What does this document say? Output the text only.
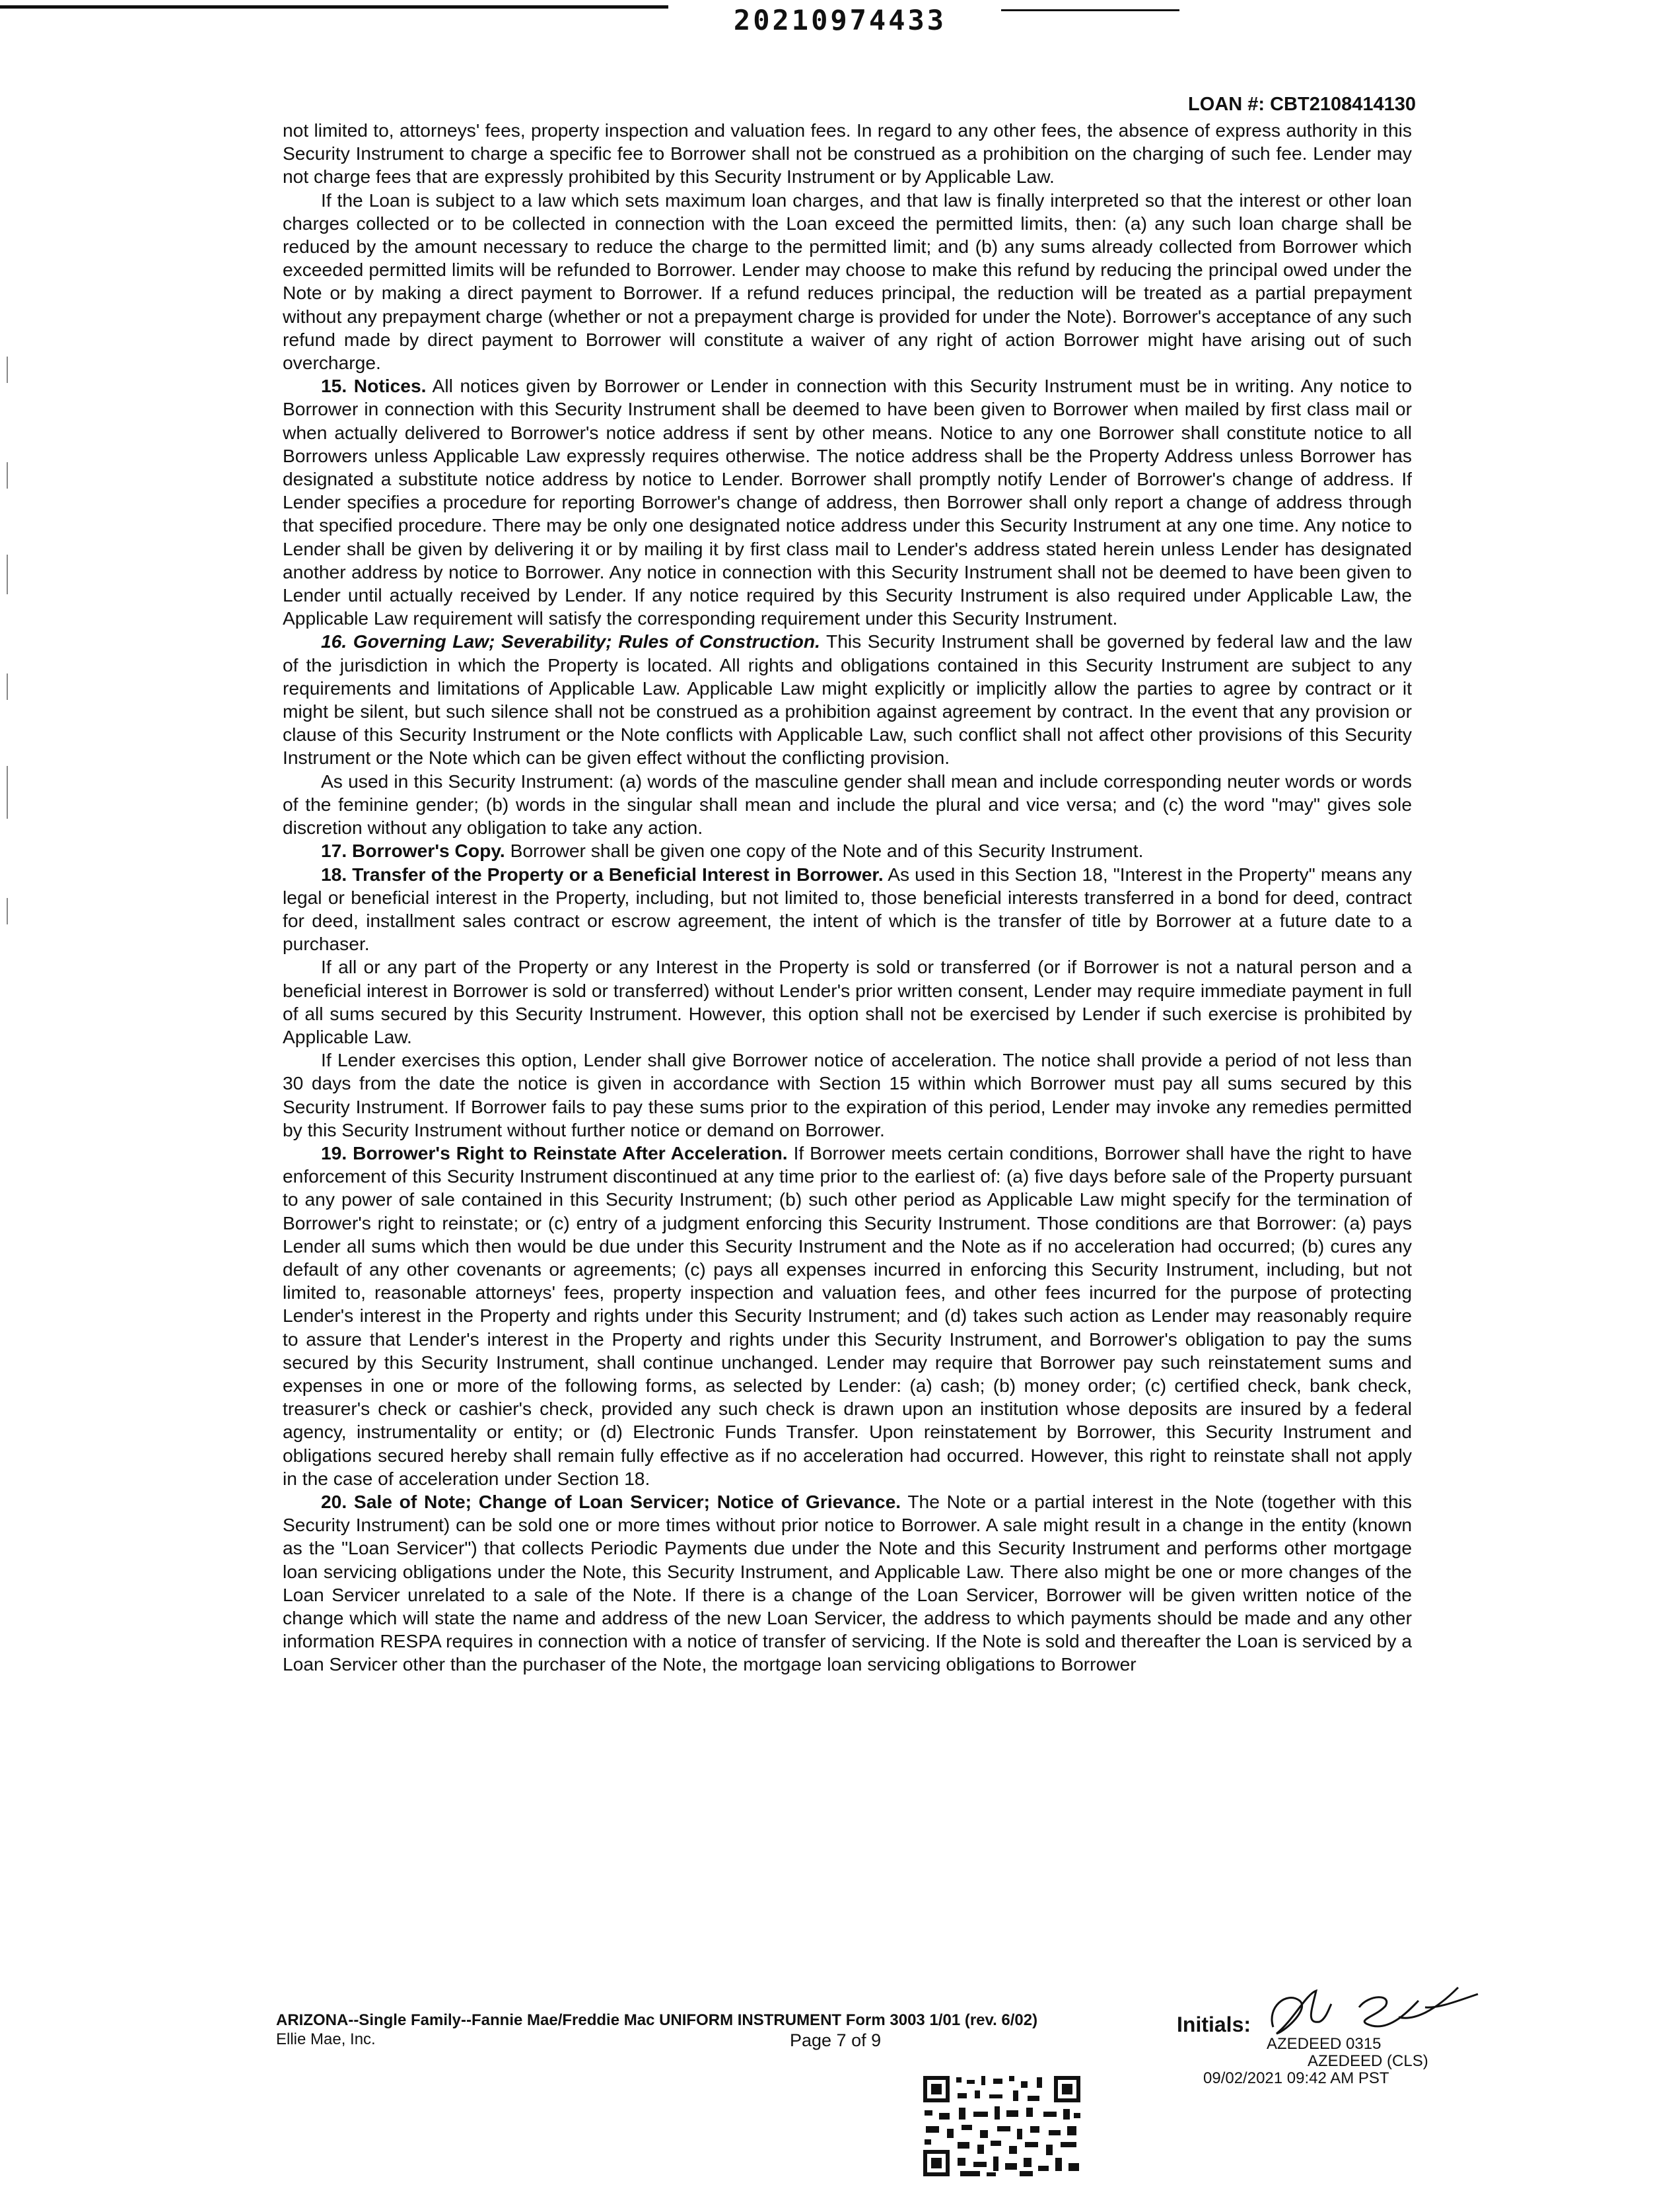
20210974433
LOAN #: CBT2108414130

not limited to, attorneys' fees, property inspection and valuation fees. In regard to any other fees, the absence of express authority in this Security Instrument to charge a specific fee to Borrower shall not be construed as a prohibition on the charging of such fee. Lender may not charge fees that are expressly prohibited by this Security Instrument or by Applicable Law.

If the Loan is subject to a law which sets maximum loan charges, and that law is finally interpreted so that the interest or other loan charges collected or to be collected in connection with the Loan exceed the permitted limits, then: (a) any such loan charge shall be reduced by the amount necessary to reduce the charge to the permitted limit; and (b) any sums already collected from Borrower which exceeded permitted limits will be refunded to Borrower. Lender may choose to make this refund by reducing the principal owed under the Note or by making a direct payment to Borrower. If a refund reduces principal, the reduction will be treated as a partial prepayment without any prepayment charge (whether or not a prepayment charge is provided for under the Note). Borrower's acceptance of any such refund made by direct payment to Borrower will constitute a waiver of any right of action Borrower might have arising out of such overcharge.

15. Notices. All notices given by Borrower or Lender in connection with this Security Instrument must be in writing. Any notice to Borrower in connection with this Security Instrument shall be deemed to have been given to Borrower when mailed by first class mail or when actually delivered to Borrower's notice address if sent by other means. Notice to any one Borrower shall constitute notice to all Borrowers unless Applicable Law expressly requires otherwise. The notice address shall be the Property Address unless Borrower has designated a substitute notice address by notice to Lender. Borrower shall promptly notify Lender of Borrower's change of address. If Lender specifies a procedure for reporting Borrower's change of address, then Borrower shall only report a change of address through that specified procedure. There may be only one designated notice address under this Security Instrument at any one time. Any notice to Lender shall be given by delivering it or by mailing it by first class mail to Lender's address stated herein unless Lender has designated another address by notice to Borrower. Any notice in connection with this Security Instrument shall not be deemed to have been given to Lender until actually received by Lender. If any notice required by this Security Instrument is also required under Applicable Law, the Applicable Law requirement will satisfy the corresponding requirement under this Security Instrument.

16. Governing Law; Severability; Rules of Construction. This Security Instrument shall be governed by federal law and the law of the jurisdiction in which the Property is located. All rights and obligations contained in this Security Instrument are subject to any requirements and limitations of Applicable Law. Applicable Law might explicitly or implicitly allow the parties to agree by contract or it might be silent, but such silence shall not be construed as a prohibition against agreement by contract. In the event that any provision or clause of this Security Instrument or the Note conflicts with Applicable Law, such conflict shall not affect other provisions of this Security Instrument or the Note which can be given effect without the conflicting provision.

As used in this Security Instrument: (a) words of the masculine gender shall mean and include corresponding neuter words or words of the feminine gender; (b) words in the singular shall mean and include the plural and vice versa; and (c) the word "may" gives sole discretion without any obligation to take any action.

17. Borrower's Copy. Borrower shall be given one copy of the Note and of this Security Instrument.

18. Transfer of the Property or a Beneficial Interest in Borrower. As used in this Section 18, "Interest in the Property" means any legal or beneficial interest in the Property, including, but not limited to, those beneficial interests transferred in a bond for deed, contract for deed, installment sales contract or escrow agreement, the intent of which is the transfer of title by Borrower at a future date to a purchaser.

If all or any part of the Property or any Interest in the Property is sold or transferred (or if Borrower is not a natural person and a beneficial interest in Borrower is sold or transferred) without Lender's prior written consent, Lender may require immediate payment in full of all sums secured by this Security Instrument. However, this option shall not be exercised by Lender if such exercise is prohibited by Applicable Law.

If Lender exercises this option, Lender shall give Borrower notice of acceleration. The notice shall provide a period of not less than 30 days from the date the notice is given in accordance with Section 15 within which Borrower must pay all sums secured by this Security Instrument. If Borrower fails to pay these sums prior to the expiration of this period, Lender may invoke any remedies permitted by this Security Instrument without further notice or demand on Borrower.

19. Borrower's Right to Reinstate After Acceleration. If Borrower meets certain conditions, Borrower shall have the right to have enforcement of this Security Instrument discontinued at any time prior to the earliest of: (a) five days before sale of the Property pursuant to any power of sale contained in this Security Instrument; (b) such other period as Applicable Law might specify for the termination of Borrower's right to reinstate; or (c) entry of a judgment enforcing this Security Instrument. Those conditions are that Borrower: (a) pays Lender all sums which then would be due under this Security Instrument and the Note as if no acceleration had occurred; (b) cures any default of any other covenants or agreements; (c) pays all expenses incurred in enforcing this Security Instrument, including, but not limited to, reasonable attorneys' fees, property inspection and valuation fees, and other fees incurred for the purpose of protecting Lender's interest in the Property and rights under this Security Instrument; and (d) takes such action as Lender may reasonably require to assure that Lender's interest in the Property and rights under this Security Instrument, and Borrower's obligation to pay the sums secured by this Security Instrument, shall continue unchanged. Lender may require that Borrower pay such reinstatement sums and expenses in one or more of the following forms, as selected by Lender: (a) cash; (b) money order; (c) certified check, bank check, treasurer's check or cashier's check, provided any such check is drawn upon an institution whose deposits are insured by a federal agency, instrumentality or entity; or (d) Electronic Funds Transfer. Upon reinstatement by Borrower, this Security Instrument and obligations secured hereby shall remain fully effective as if no acceleration had occurred. However, this right to reinstate shall not apply in the case of acceleration under Section 18.

20. Sale of Note; Change of Loan Servicer; Notice of Grievance. The Note or a partial interest in the Note (together with this Security Instrument) can be sold one or more times without prior notice to Borrower. A sale might result in a change in the entity (known as the "Loan Servicer") that collects Periodic Payments due under the Note and this Security Instrument and performs other mortgage loan servicing obligations under the Note, this Security Instrument, and Applicable Law. There also might be one or more changes of the Loan Servicer unrelated to a sale of the Note. If there is a change of the Loan Servicer, Borrower will be given written notice of the change which will state the name and address of the new Loan Servicer, the address to which payments should be made and any other information RESPA requires in connection with a notice of transfer of servicing. If the Note is sold and thereafter the Loan is serviced by a Loan Servicer other than the purchaser of the Note, the mortgage loan servicing obligations to Borrower

ARIZONA--Single Family--Fannie Mae/Freddie Mac UNIFORM INSTRUMENT Form 3003 1/01 (rev. 6/02)
Ellie Mae, Inc.	Page 7 of 9
Initials:
AZEDEED 0315
AZEDEED (CLS)
09/02/2021 09:42 AM PST
